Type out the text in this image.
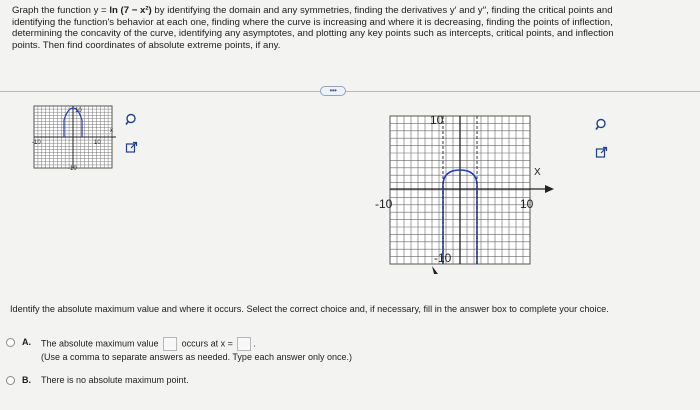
Graph the function y = ln (7 − x²) by identifying the domain and any symmetries, finding the derivatives y′ and y′′, finding the critical points and
identifying the function's behavior at each one, finding where the curve is increasing and where it is decreasing, finding the points of inflection,
determining the concavity of the curve, identifying any asymptotes, and plotting any key points such as intercepts, critical points, and inflection
points. Then find coordinates of absolute extreme points, if any.
•••
-10	10
10
-10
x
10
-10
-10	10
X
Identify the absolute maximum value and where it occurs. Select the correct choice and, if necessary, fill in the answer box to complete your choice.
A. The absolute maximum value	occurs at x = .
(Use a comma to separate answers as needed. Type each answer only once.)
B. There is no absolute maximum point.
